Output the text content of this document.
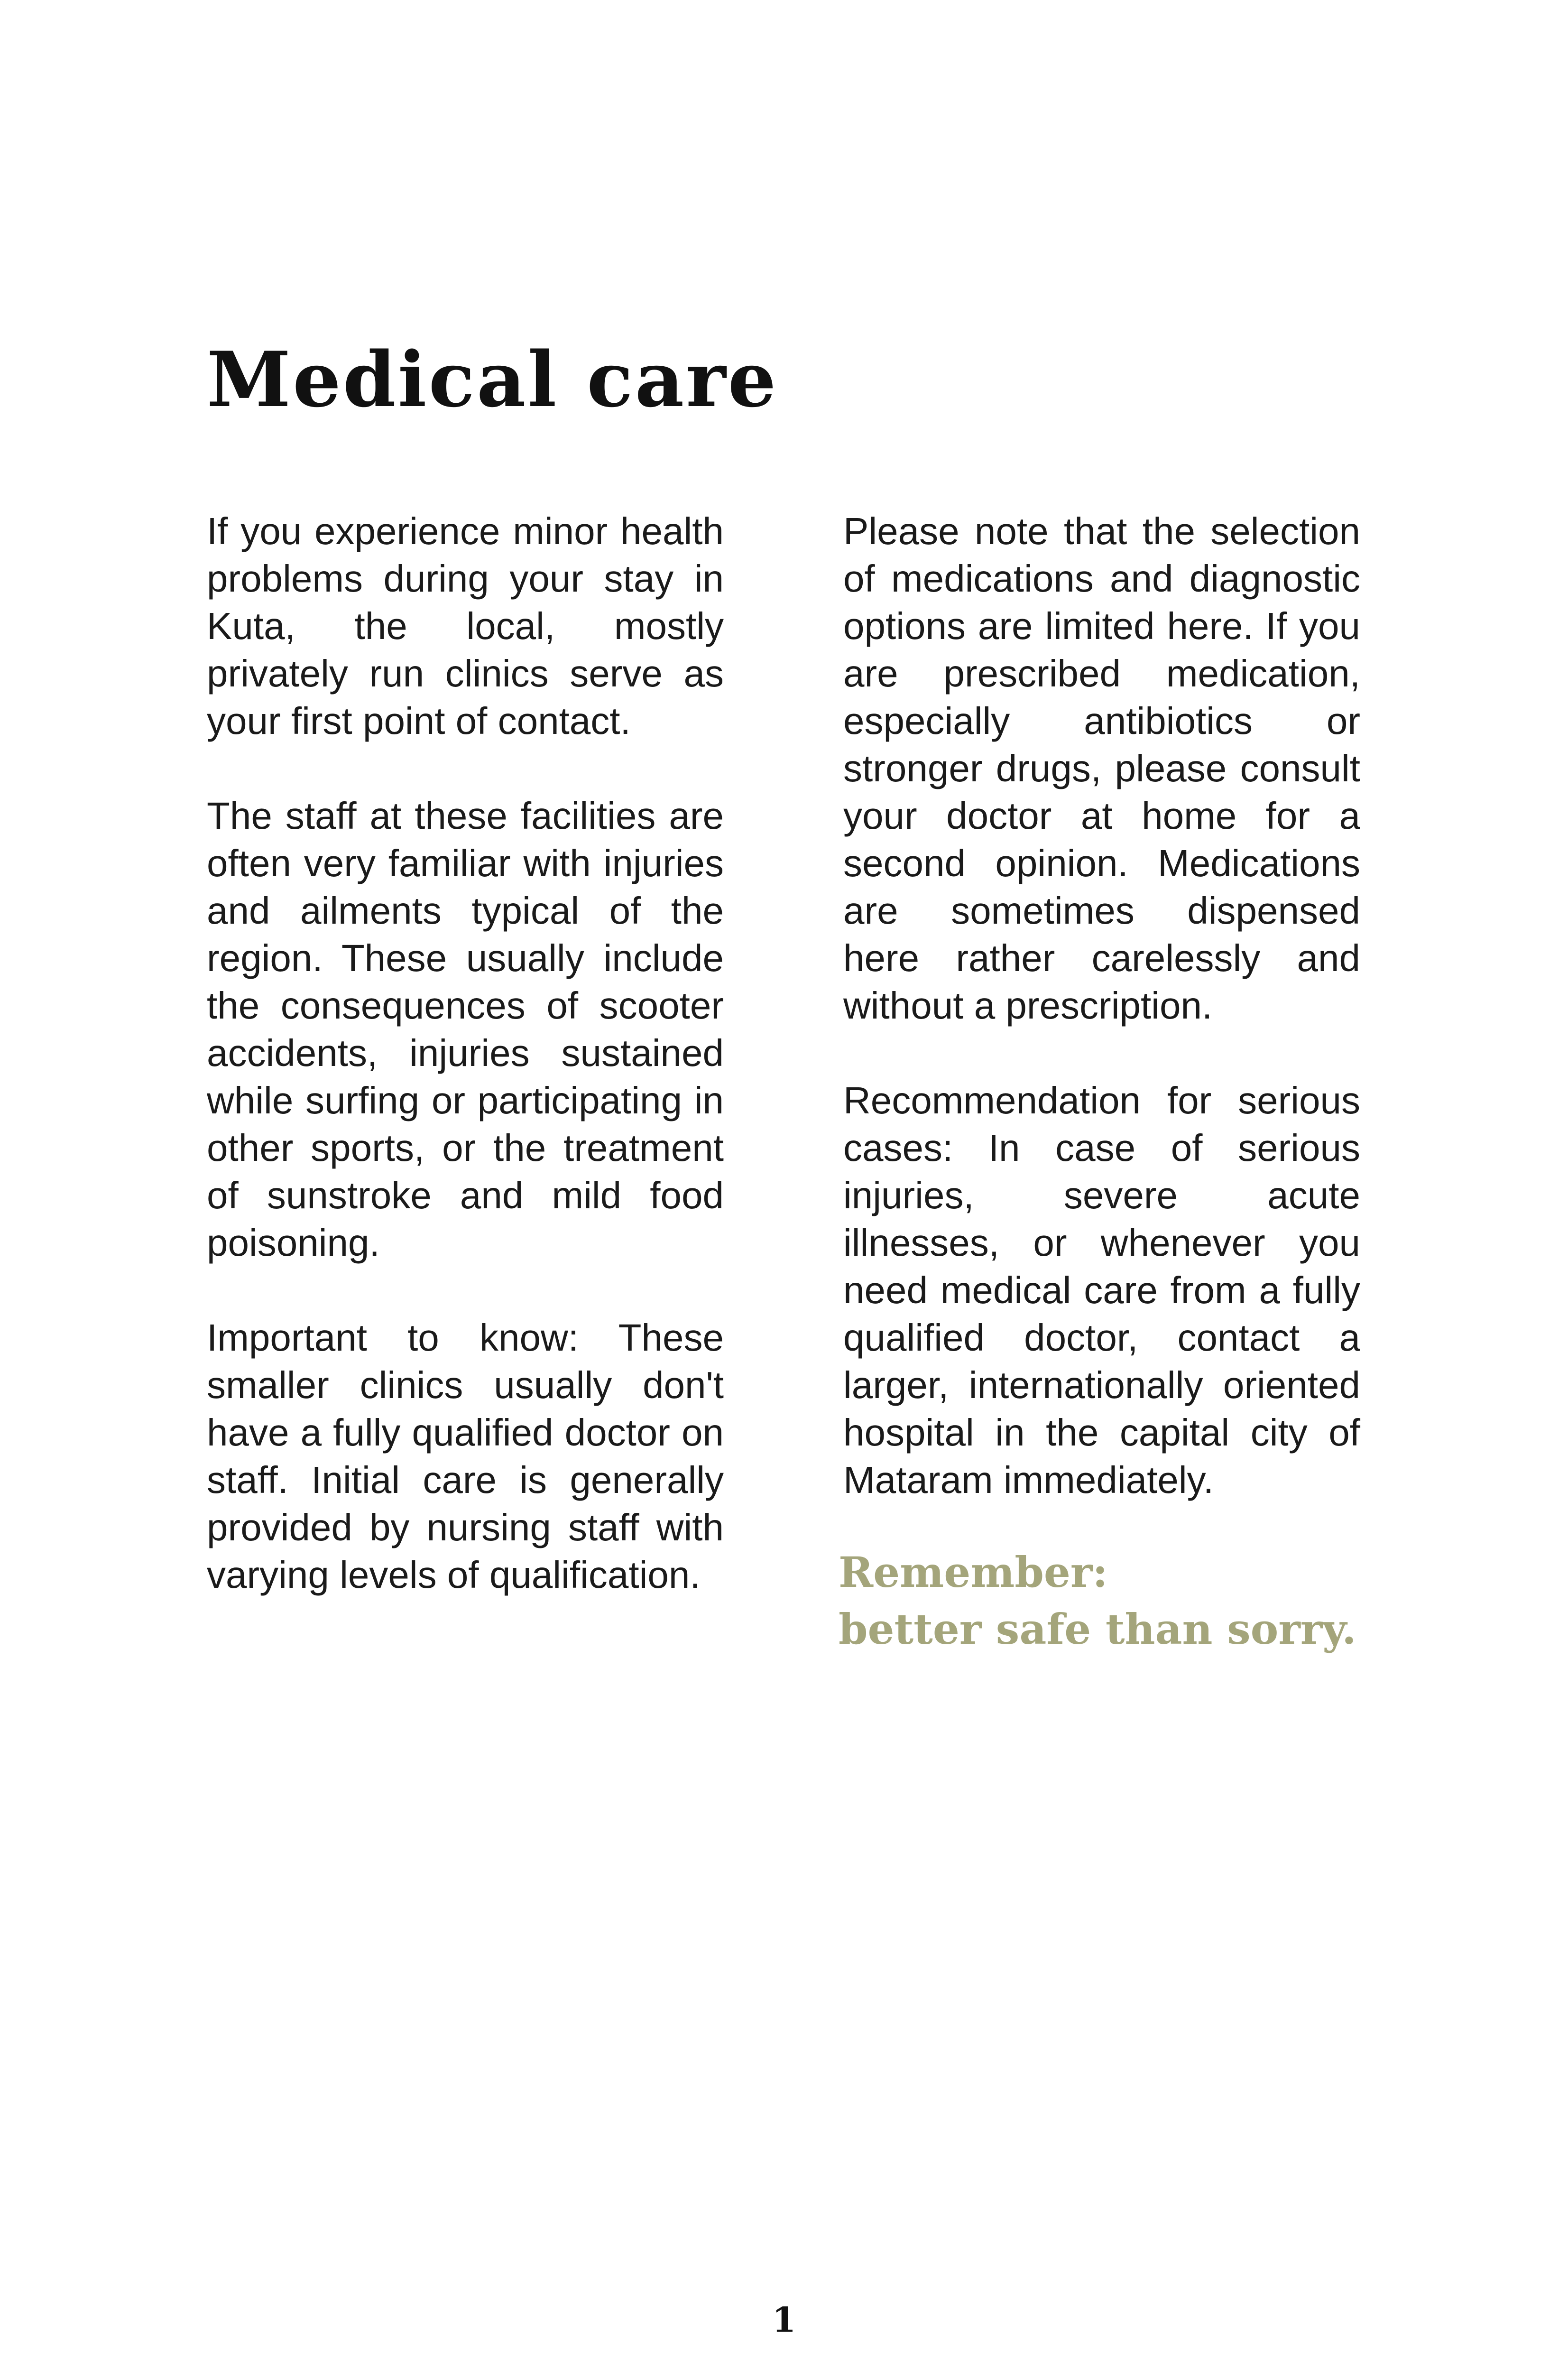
Medical care

If you experience minor health problems during your stay in Kuta, the local, mostly privately run clinics serve as your first point of contact.

The staff at these facilities are often very familiar with injuries and ailments typical of the region. These usually include the consequences of scooter accidents, injuries sustained while surfing or participating in other sports, or the treatment of sunstroke and mild food poisoning.

Important to know: These smaller clinics usually don't have a fully qualified doctor on staff. Initial care is generally provided by nursing staff with varying levels of qualification.

Please note that the selection of medications and diagnostic options are limited here. If you are prescribed medication, especially antibiotics or stronger drugs, please consult your doctor at home for a second opinion. Medications are sometimes dispensed here rather carelessly and without a prescription.

Recommendation for serious cases: In case of serious injuries, severe acute illnesses, or whenever you need medical care from a fully qualified doctor, contact a larger, internationally oriented hospital in the capital city of Mataram immediately.

Remember:
better safe than sorry.
1
